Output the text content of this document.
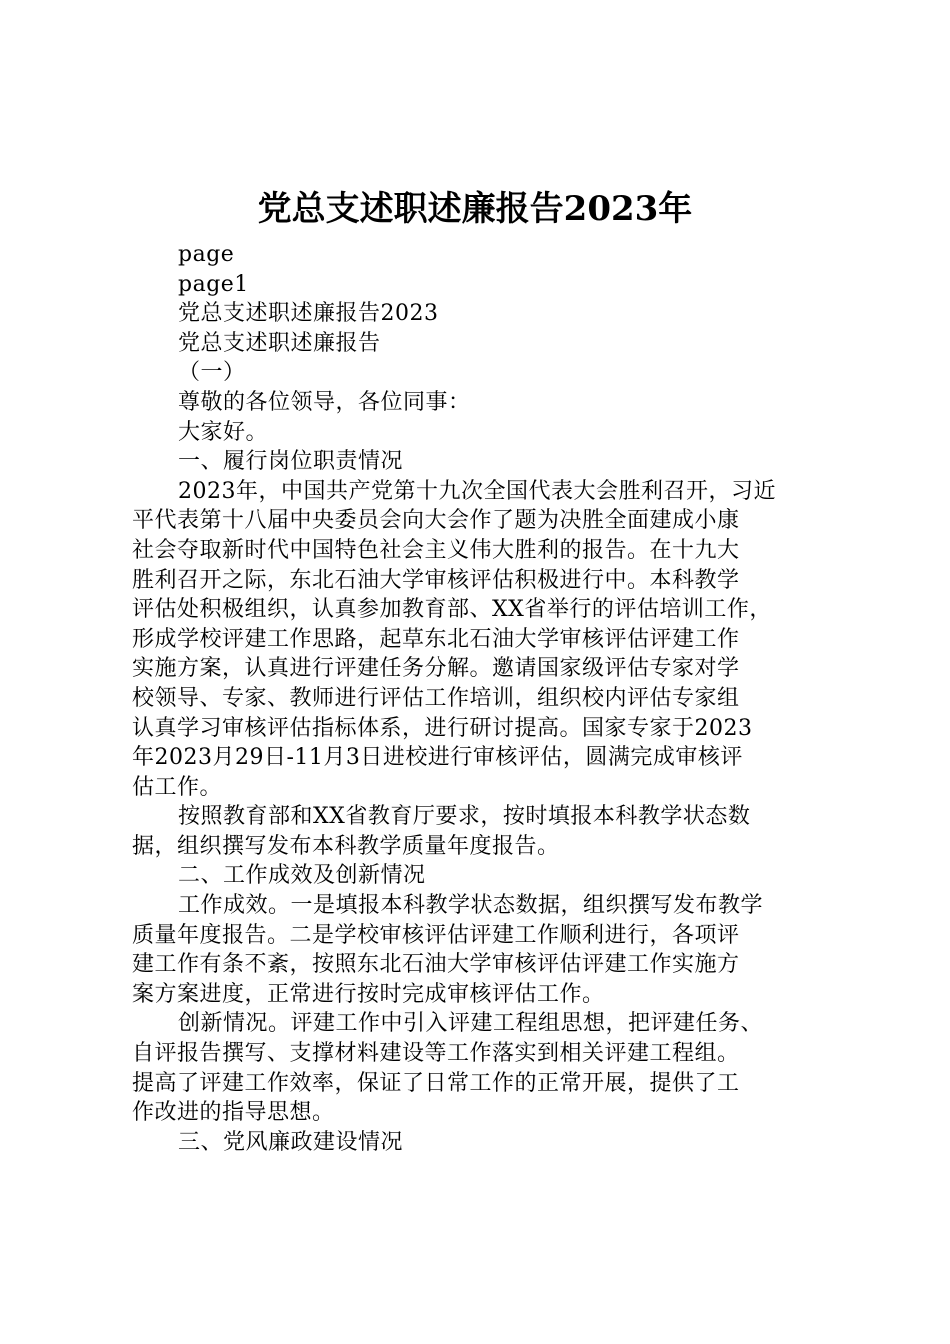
党总支述职述廉报告2023年
page
page1
党总支述职述廉报告2023
党总支述职述廉报告
（一）
尊敬的各位领导，各位同事：
大家好。
一、履行岗位职责情况
2023年，中国共产党第十九次全国代表大会胜利召开，习近
平代表第十八届中央委员会向大会作了题为决胜全面建成小康
社会夺取新时代中国特色社会主义伟大胜利的报告。在十九大
胜利召开之际，东北石油大学审核评估积极进行中。本科教学
评估处积极组织，认真参加教育部、XX省举行的评估培训工作，
形成学校评建工作思路，起草东北石油大学审核评估评建工作
实施方案，认真进行评建任务分解。邀请国家级评估专家对学
校领导、专家、教师进行评估工作培训，组织校内评估专家组
认真学习审核评估指标体系，进行研讨提高。国家专家于2023
年2023月29日-11月3日进校进行审核评估，圆满完成审核评
估工作。
按照教育部和XX省教育厅要求，按时填报本科教学状态数
据，组织撰写发布本科教学质量年度报告。
二、工作成效及创新情况
工作成效。一是填报本科教学状态数据，组织撰写发布教学
质量年度报告。二是学校审核评估评建工作顺利进行，各项评
建工作有条不紊，按照东北石油大学审核评估评建工作实施方
案方案进度，正常进行按时完成审核评估工作。
创新情况。评建工作中引入评建工程组思想，把评建任务、
自评报告撰写、支撑材料建设等工作落实到相关评建工程组。
提高了评建工作效率，保证了日常工作的正常开展，提供了工
作改进的指导思想。
三、党风廉政建设情况
